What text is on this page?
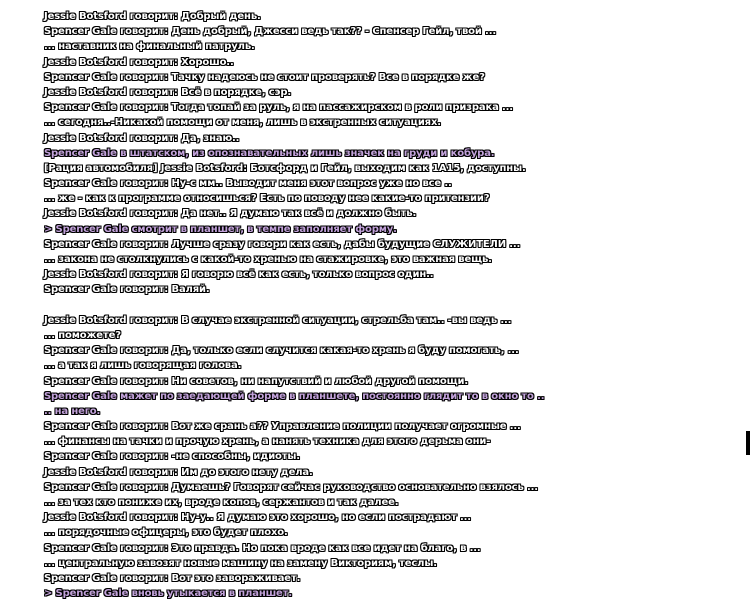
Jessie Botsford говорит: Добрый день.
Spencer Gale говорит: День добрый, Джесси ведь так?? - Спенсер Гейл, твой ...
... наставник на финальный патруль.
Jessie Botsford говорит: Хорошо..
Spencer Gale говорит: Тачку надеюсь не стоит проверять? Все в порядке же?
Jessie Botsford говорит: Всё в порядке, сэр.
Spencer Gale говорит: Тогда топай за руль, я на пассажирском в роли призрака ...
... сегодня..-Никакой помощи от меня, лишь в экстренных ситуациях.
Jessie Botsford говорит: Да, знаю..
Spencer Gale в штатском, из опознавательных лишь значек на груди и кобура.
[Рация автомобиля] Jessie Botsford: Ботсфорд и Гейл, выходим как 1A15, доступны.
Spencer Gale говорит: Ну-с мм.. Выводит меня этот вопрос уже но все ..
... же - как к программе относишься? Есть по поводу нее какие-то притензии?
Jessie Botsford говорит: Да нет.. Я думаю так всё и должно быть.
> Spencer Gale смотрит в планшет, в темпе заполняет форму.
Spencer Gale говорит: Лучше сразу говори как есть, дабы будущие СЛУЖИТЕЛИ ...
... закона не столкнулись с какой-то хренью на стажировке, это важная вещь.
Jessie Botsford говорит: Я говорю всё как есть, только вопрос один..
Spencer Gale говорит: Валяй.
Jessie Botsford говорит: В случае экстренной ситуации, стрельба там.. -вы ведь ...
... поможете?
Spencer Gale говорит: Да, только если случится какая-то хрень я буду помогать, ...
... а так я лишь говорящая голова.
Spencer Gale говорит: Ни советов, ни напутствий и любой другой помощи.
Spencer Gale мажет по заедающей форме в планшете, постоянно глядит то в окно то ..
.. на него.
Spencer Gale говорит: Вот же срань а?? Управление полиции получает огромные ...
... финансы на тачки и прочую хрень, а нанять техника для этого дерьма они-
Spencer Gale говорит: -не способны, идиоты.
Jessie Botsford говорит: Им до этого нету дела.
Spencer Gale говорит: Думаешь? Говорят сейчас руководство основательно взялось ...
... за тех кто пониже их, вроде копов, сержантов и так далее.
Jessie Botsford говорит: Ну-у.. Я думаю это хорошо, но если пострадают ...
... порядочные офицеры, это будет плохо.
Spencer Gale говорит: Это правда. Но пока вроде как все идет на благо, в ...
... центральную завозят новые машину на замену Викториям, теслы.
Spencer Gale говорит: Вот это завораживает.
> Spencer Gale вновь утыкается в планшет.
